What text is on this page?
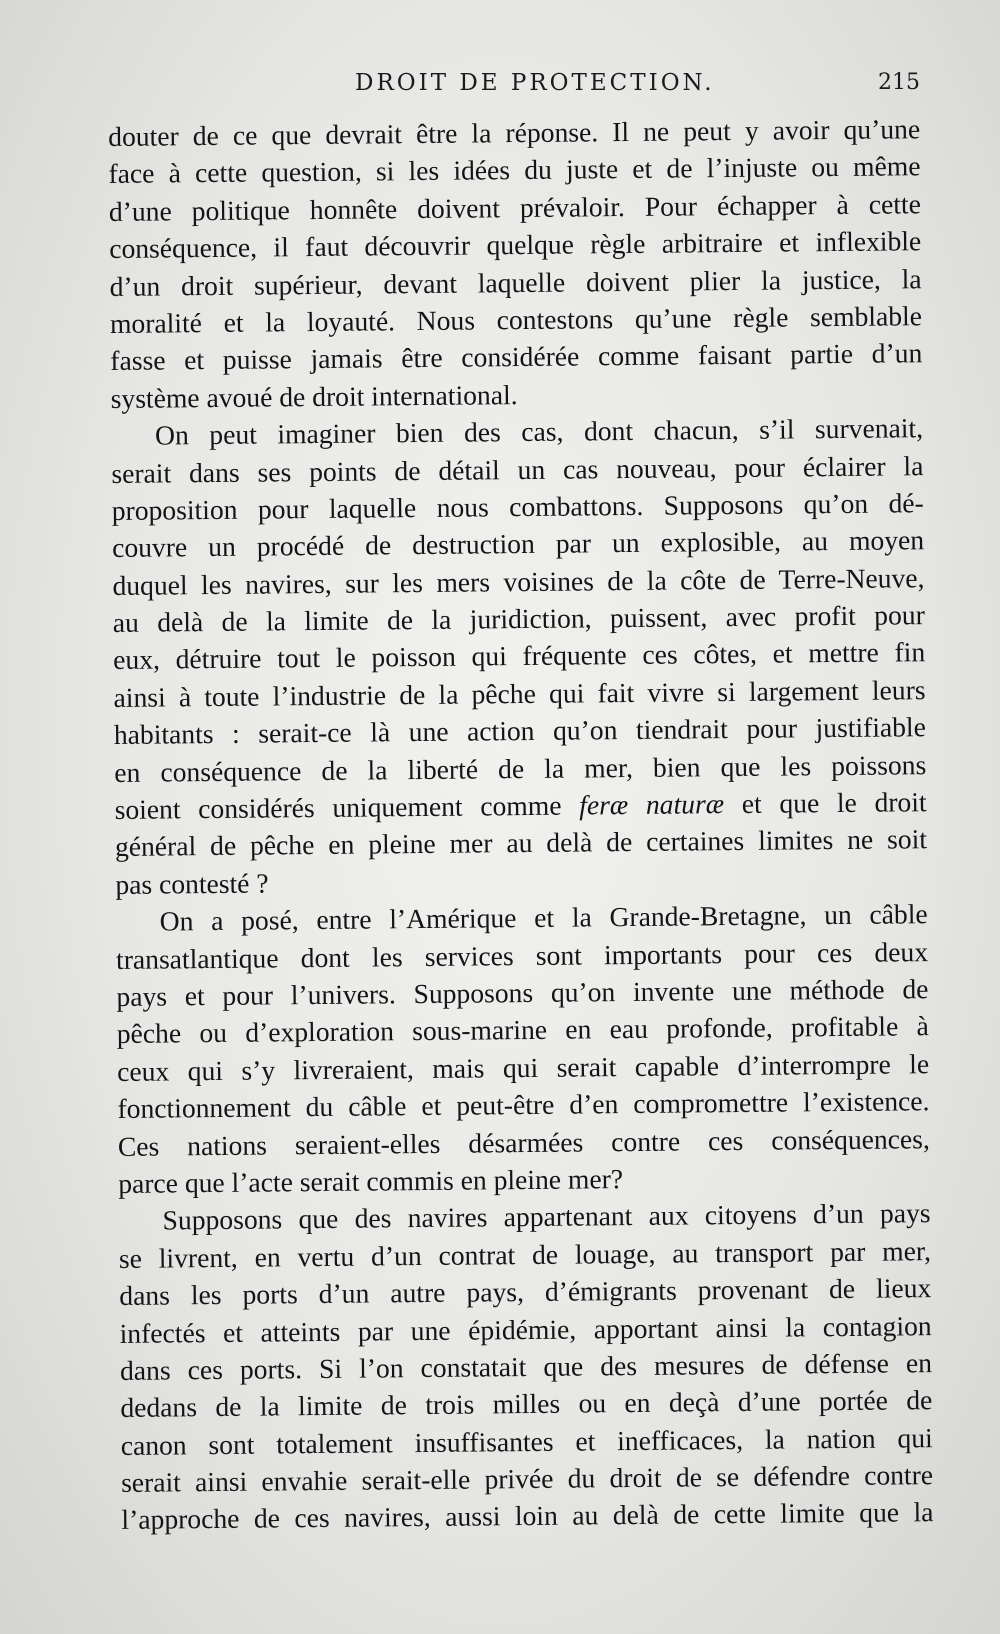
DROIT DE PROTECTION.	215
douter de ce que devrait être la réponse. Il ne peut y avoir qu’une
face à cette question, si les idées du juste et de l’injuste ou même
d’une politique honnête doivent prévaloir. Pour échapper à cette
conséquence, il faut découvrir quelque règle arbitraire et inflexible
d’un droit supérieur, devant laquelle doivent plier la justice, la
moralité et la loyauté. Nous contestons qu’une règle semblable
fasse et puisse jamais être considérée comme faisant partie d’un
système avoué de droit international.
On peut imaginer bien des cas, dont chacun, s’il survenait,
serait dans ses points de détail un cas nouveau, pour éclairer la
proposition pour laquelle nous combattons. Supposons qu’on dé-
couvre un procédé de destruction par un explosible, au moyen
duquel les navires, sur les mers voisines de la côte de Terre-Neuve,
au delà de la limite de la juridiction, puissent, avec profit pour
eux, détruire tout le poisson qui fréquente ces côtes, et mettre fin
ainsi à toute l’industrie de la pêche qui fait vivre si largement leurs
habitants : serait-ce là une action qu’on tiendrait pour justifiable
en conséquence de la liberté de la mer, bien que les poissons
soient considérés uniquement comme feræ naturæ et que le droit
général de pêche en pleine mer au delà de certaines limites ne soit
pas contesté ?
On a posé, entre l’Amérique et la Grande-Bretagne, un câble
transatlantique dont les services sont importants pour ces deux
pays et pour l’univers. Supposons qu’on invente une méthode de
pêche ou d’exploration sous-marine en eau profonde, profitable à
ceux qui s’y livreraient, mais qui serait capable d’interrompre le
fonctionnement du câble et peut-être d’en compromettre l’existence.
Ces nations seraient-elles désarmées contre ces conséquences,
parce que l’acte serait commis en pleine mer?
Supposons que des navires appartenant aux citoyens d’un pays
se livrent, en vertu d’un contrat de louage, au transport par mer,
dans les ports d’un autre pays, d’émigrants provenant de lieux
infectés et atteints par une épidémie, apportant ainsi la contagion
dans ces ports. Si l’on constatait que des mesures de défense en
dedans de la limite de trois milles ou en deçà d’une portée de
canon sont totalement insuffisantes et inefficaces, la nation qui
serait ainsi envahie serait-elle privée du droit de se défendre contre
l’approche de ces navires, aussi loin au delà de cette limite que la
